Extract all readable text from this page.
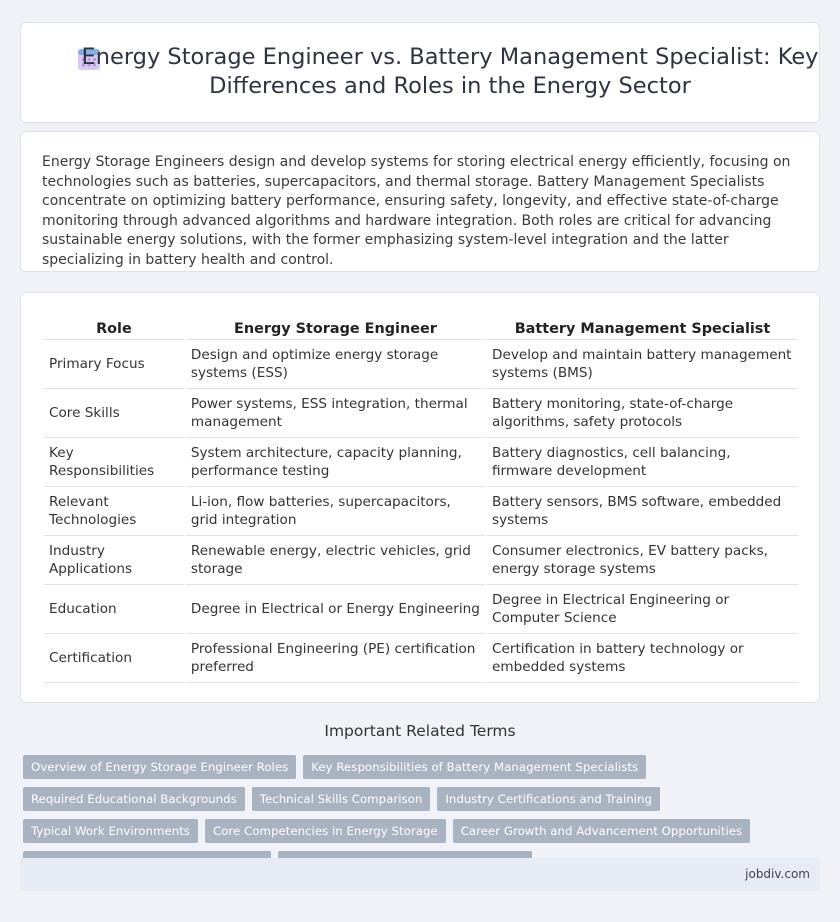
Energy Storage Engineer vs. Battery Management Specialist: Key Differences and Roles in the Energy Sector

Energy Storage Engineers design and develop systems for storing electrical energy efficiently, focusing on technologies such as batteries, supercapacitors, and thermal storage. Battery Management Specialists concentrate on optimizing battery performance, ensuring safety, longevity, and effective state-of-charge monitoring through advanced algorithms and hardware integration. Both roles are critical for advancing sustainable energy solutions, with the former emphasizing system-level integration and the latter specializing in battery health and control.

Role	Energy Storage Engineer	Battery Management Specialist
Primary Focus	Design and optimize energy storage systems (ESS)	Develop and maintain battery management systems (BMS)
Core Skills	Power systems, ESS integration, thermal management	Battery monitoring, state-of-charge algorithms, safety protocols
Key Responsibilities	System architecture, capacity planning, performance testing	Battery diagnostics, cell balancing, firmware development
Relevant Technologies	Li-ion, flow batteries, supercapacitors, grid integration	Battery sensors, BMS software, embedded systems
Industry Applications	Renewable energy, electric vehicles, grid storage	Consumer electronics, EV battery packs, energy storage systems
Education	Degree in Electrical or Energy Engineering	Degree in Electrical Engineering or Computer Science
Certification	Professional Engineering (PE) certification preferred	Certification in battery technology or embedded systems
Important Related Terms
Overview of Energy Storage Engineer Roles	Key Responsibilities of Battery Management Specialists
Required Educational Backgrounds	Technical Skills Comparison	Industry Certifications and Training
Typical Work Environments	Core Competencies in Energy Storage	Career Growth and Advancement Opportunities
jobdiv.com
